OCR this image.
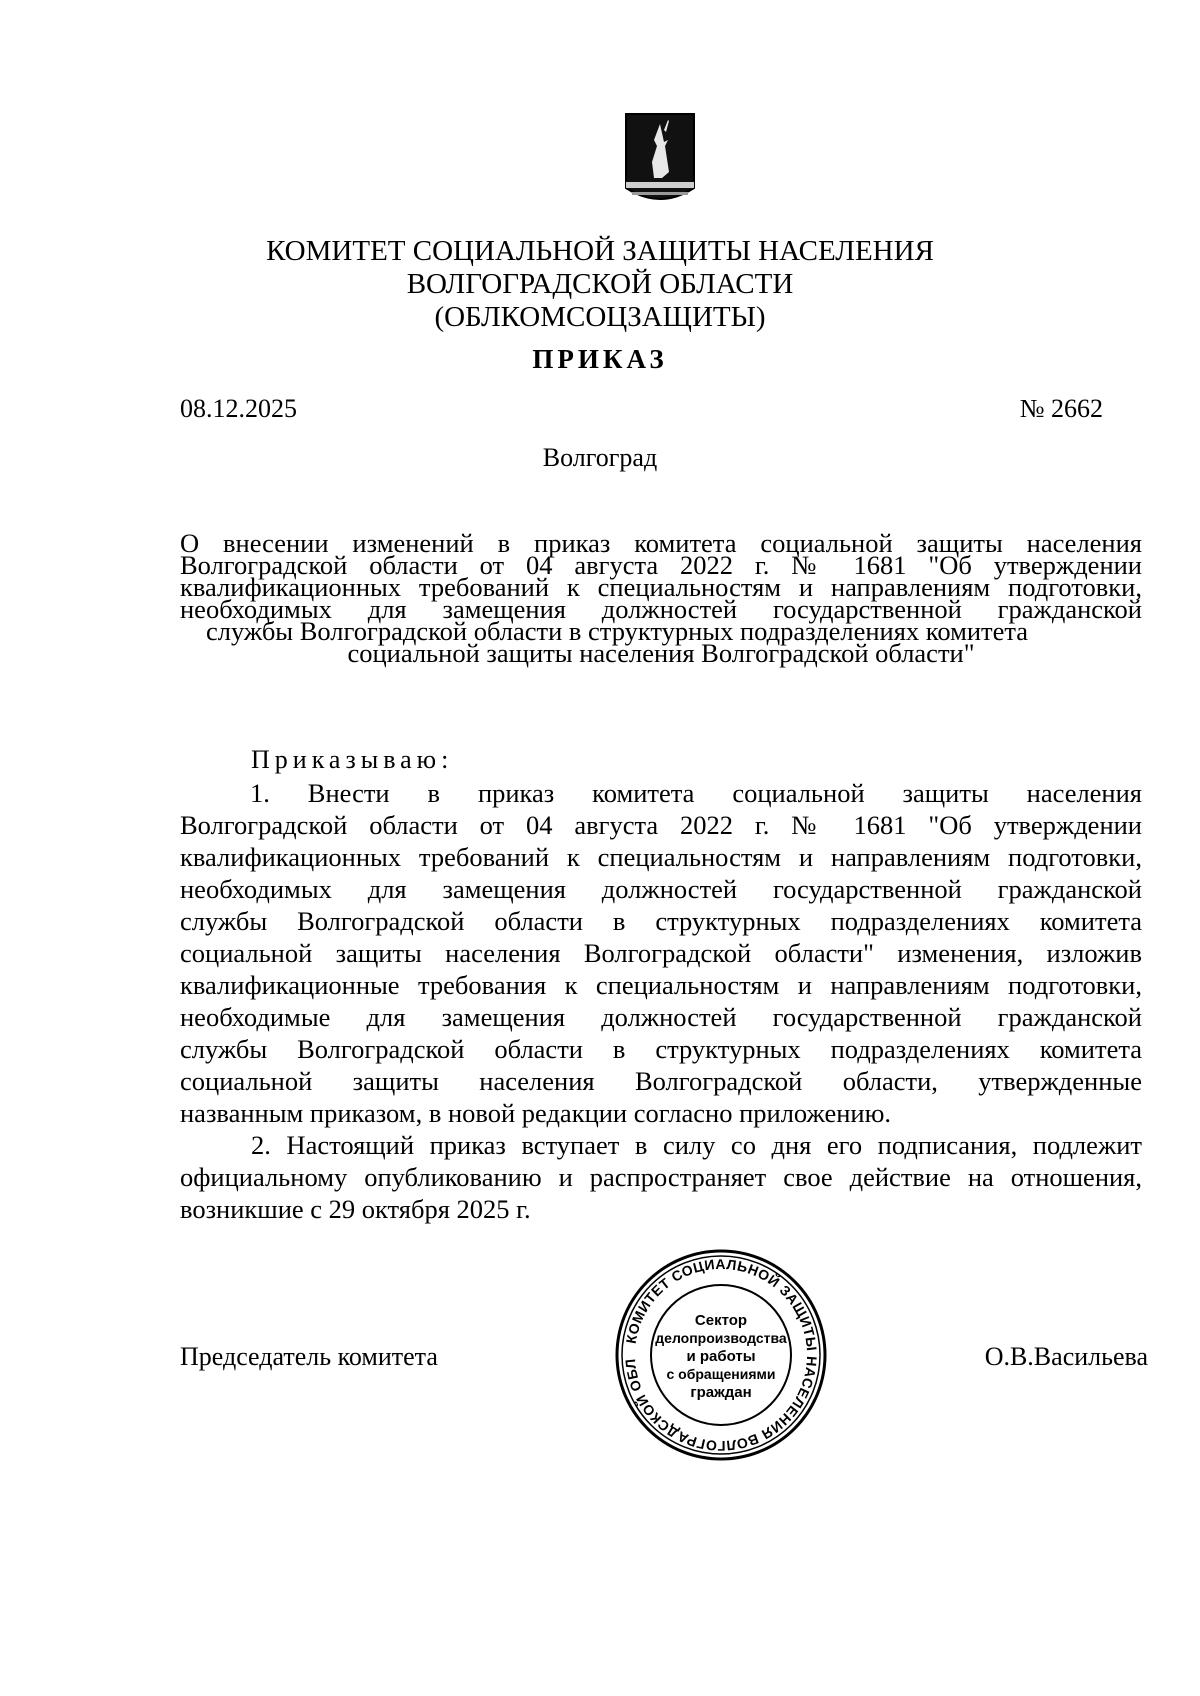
КОМИТЕТ СОЦИАЛЬНОЙ ЗАЩИТЫ НАСЕЛЕНИЯ
ВОЛГОГРАДСКОЙ ОБЛАСТИ
(ОБЛКОМСОЦЗАЩИТЫ)
ПРИКАЗ
08.12.2025	№ 2662
Волгоград
О внесении изменений в приказ комитета социальной защиты населения
Волгоградской области от 04 августа 2022 г. № 1681 "Об утверждении
квалификационных требований к специальностям и направлениям подготовки,
необходимых для замещения должностей государственной гражданской
службы Волгоградской области в структурных подразделениях комитета
социальной защиты населения Волгоградской области"
Приказываю:
1. Внести в приказ комитета социальной защиты населения
Волгоградской области от 04 августа 2022 г. № 1681 "Об утверждении
квалификационных требований к специальностям и направлениям подготовки,
необходимых для замещения должностей государственной гражданской
службы Волгоградской области в структурных подразделениях комитета
социальной защиты населения Волгоградской области" изменения, изложив
квалификационные требования к специальностям и направлениям подготовки,
необходимые для замещения должностей государственной гражданской
службы Волгоградской области в структурных подразделениях комитета
социальной защиты населения Волгоградской области, утвержденные
названным приказом, в новой редакции согласно приложению.
2. Настоящий приказ вступает в силу со дня его подписания, подлежит
официальному опубликованию и распространяет свое действие на отношения,
возникшие с 29 октября 2025 г.
Председатель комитета	О.В.Васильева
КОМИТЕТ СОЦИАЛЬНОЙ ЗАЩИТЫ НАСЕЛЕНИЯ ВОЛГОГРАДСКОЙ ОБЛ
Сектор
делопроизводства
и работы
с обращениями
граждан
